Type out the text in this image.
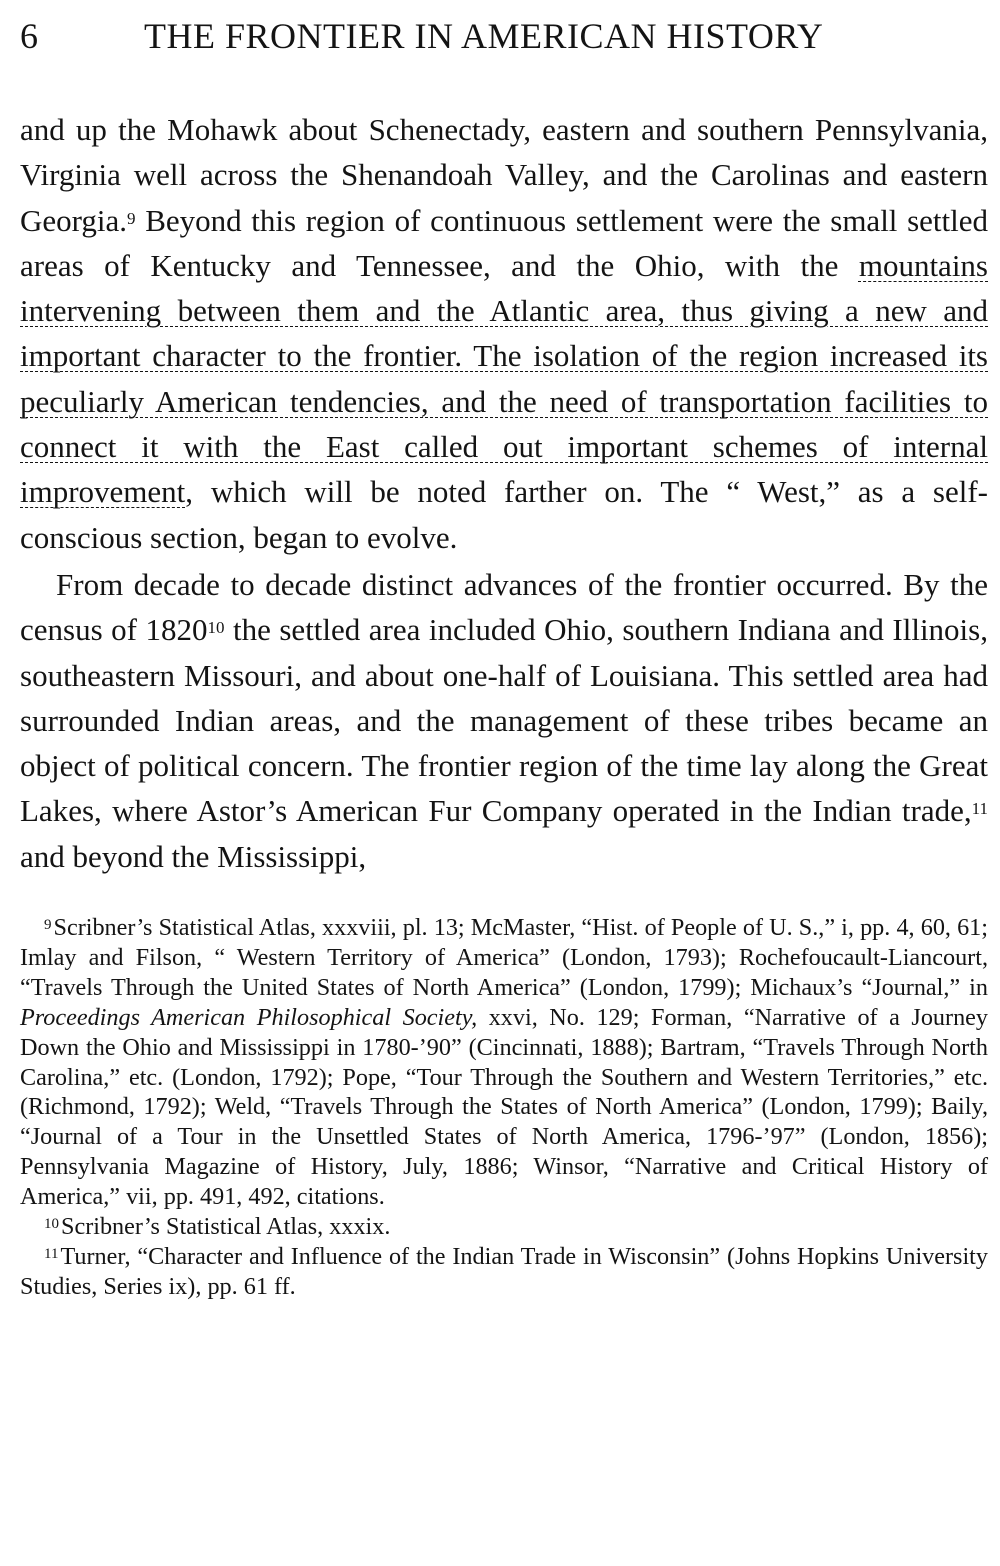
6	THE FRONTIER IN AMERICAN HISTORY

and up the Mohawk about Schenectady, eastern and southern Pennsylvania, Virginia well across the Shenandoah Valley, and the Carolinas and eastern Georgia.$^9$ Beyond this region of continuous settlement were the small settled areas of Kentucky and Tennessee, and the Ohio, with the mountains intervening between them and the Atlantic area, thus giving a new and important character to the frontier. The isolation of the region increased its peculiarly American tendencies, and the need of transportation facilities to connect it with the East called out important schemes of internal improvement, which will be noted farther on. The “ West,” as a self-conscious section, began to evolve.

From decade to decade distinct advances of the frontier occurred. By the census of 1820$^{10}$ the settled area included Ohio, southern Indiana and Illinois, southeastern Missouri, and about one-half of Louisiana. This settled area had surrounded Indian areas, and the management of these tribes became an object of political concern. The frontier region of the time lay along the Great Lakes, where Astor’s American Fur Company operated in the Indian trade,$^{11}$ and beyond the Mississippi,

$^9$Scribner’s Statistical Atlas, xxxviii, pl. 13; McMaster, “Hist. of People of U. S.,” i, pp. 4, 60, 61; Imlay and Filson, “ Western Territory of America” (London, 1793); Rochefoucault-Liancourt, “Travels Through the United States of North America” (London, 1799); Michaux’s “Journal,” in Proceedings American Philosophical Society, xxvi, No. 129; Forman, “Narrative of a Journey Down the Ohio and Mississippi in 1780-’90” (Cincinnati, 1888); Bartram, “Travels Through North Carolina,” etc. (London, 1792); Pope, “Tour Through the Southern and Western Territories,” etc. (Richmond, 1792); Weld, “Travels Through the States of North America” (London, 1799); Baily, “Journal of a Tour in the Unsettled States of North America, 1796-’97” (London, 1856); Pennsylvania Magazine of History, July, 1886; Winsor, “Narrative and Critical History of America,” vii, pp. 491, 492, citations.

$^{10}$Scribner’s Statistical Atlas, xxxix.

$^{11}$Turner, “Character and Influence of the Indian Trade in Wisconsin” (Johns Hopkins University Studies, Series ix), pp. 61 ff.
